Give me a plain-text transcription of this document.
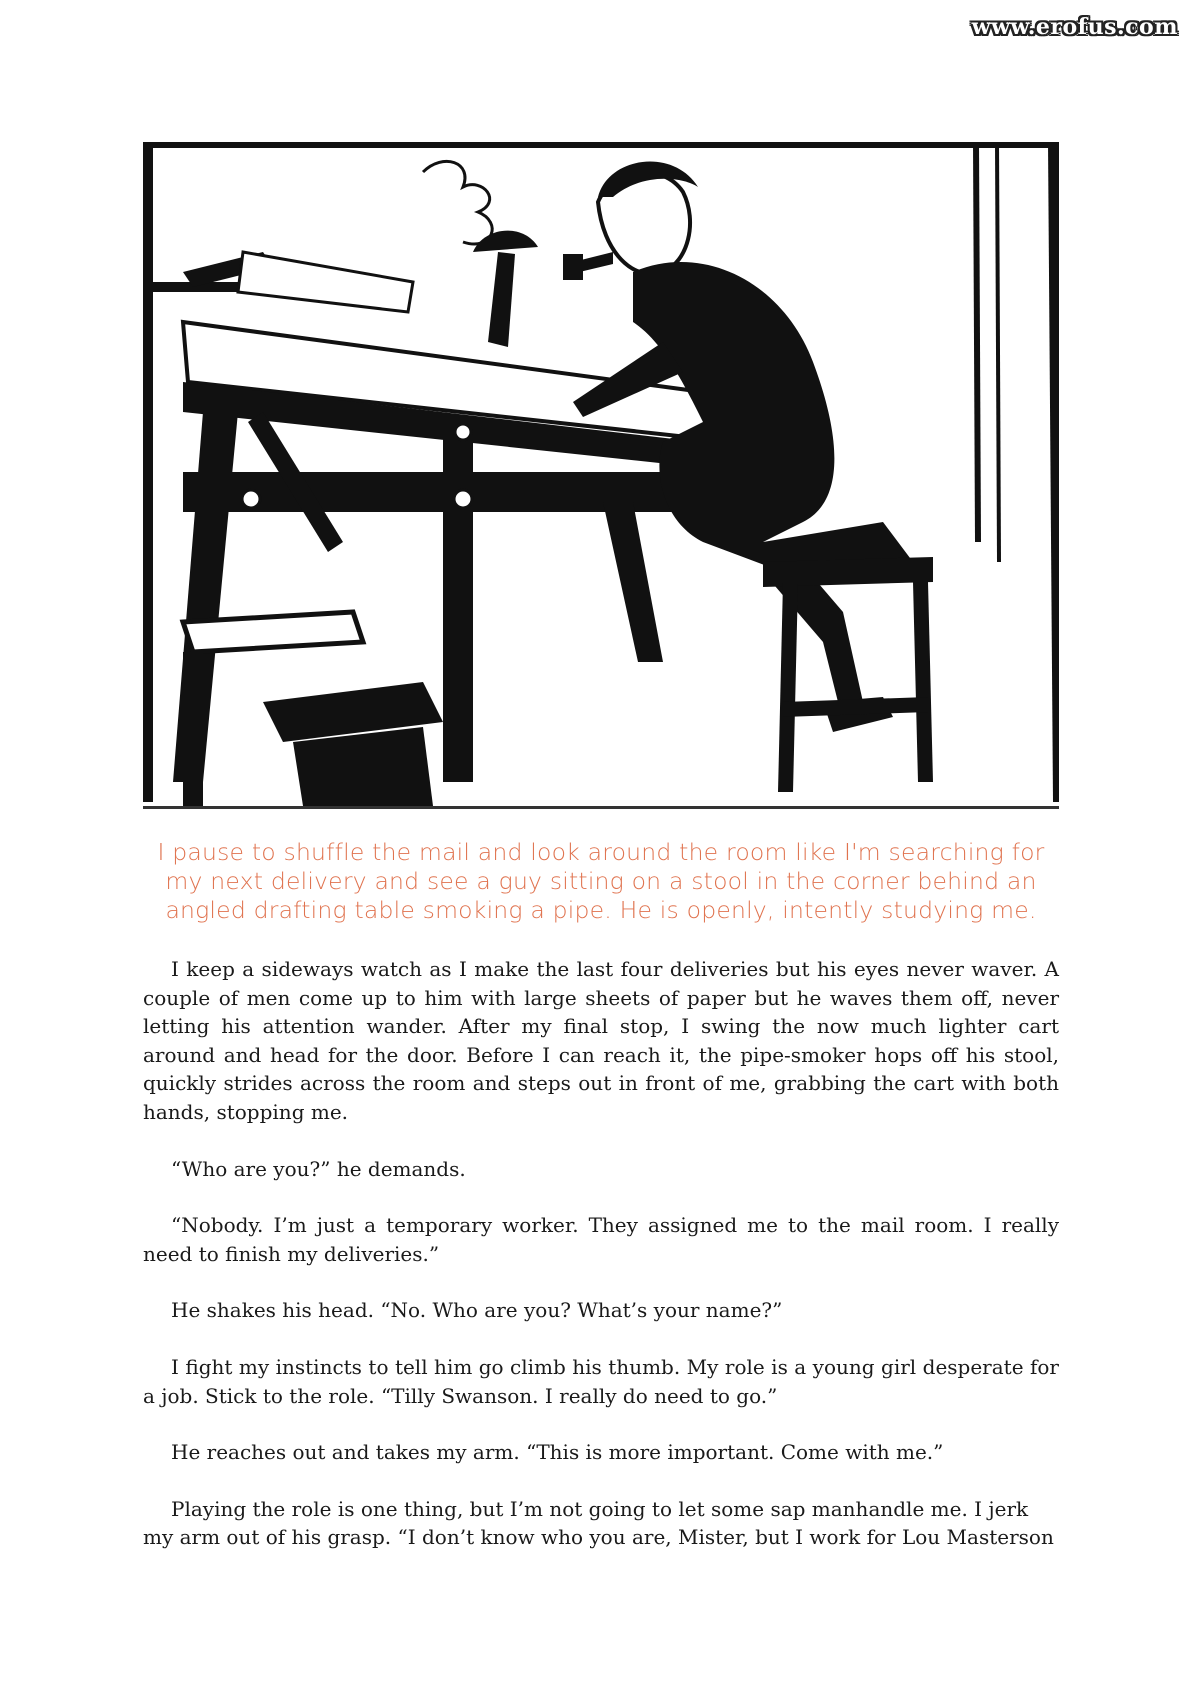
www.erofus.com
I pause to shuffle the mail and look around the room like I'm searching for my next delivery and see a guy sitting on a stool in the corner behind an angled drafting table smoking a pipe. He is openly, intently studying me.

I keep a sideways watch as I make the last four deliveries but his eyes never waver. A couple of men come up to him with large sheets of paper but he waves them off, never letting his attention wander. After my final stop, I swing the now much lighter cart around and head for the door. Before I can reach it, the pipe-smoker hops off his stool, quickly strides across the room and steps out in front of me, grabbing the cart with both hands, stopping me.

“Who are you?” he demands.

“Nobody. I’m just a temporary worker. They assigned me to the mail room. I really need to finish my deliveries.”

He shakes his head. “No. Who are you? What’s your name?”

I fight my instincts to tell him go climb his thumb. My role is a young girl desperate for a job. Stick to the role. “Tilly Swanson. I really do need to go.”

He reaches out and takes my arm. “This is more important. Come with me.”

Playing the role is one thing, but I’m not going to let some sap manhandle me. I jerk my arm out of his grasp. “I don’t know who you are, Mister, but I work for Lou Masterson
